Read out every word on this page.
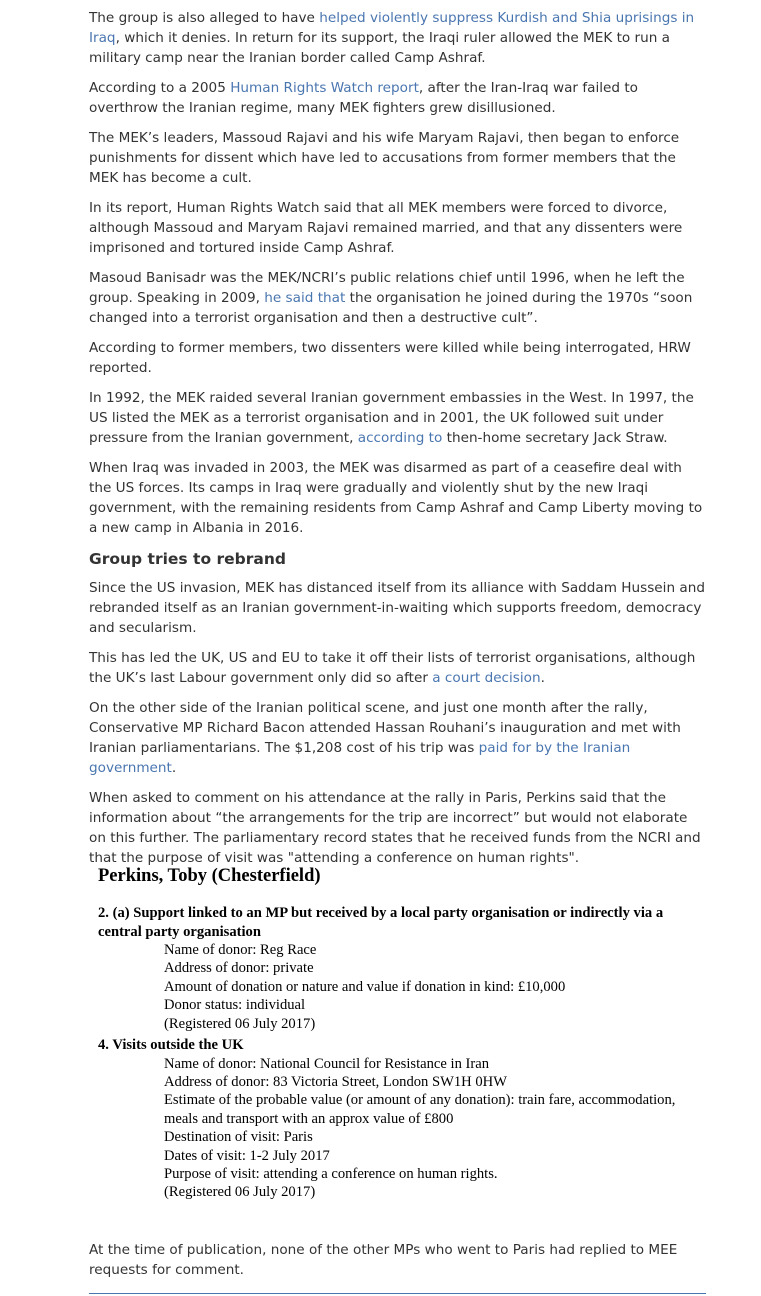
The group is also alleged to have helped violently suppress Kurdish and Shia uprisings in Iraq, which it denies. In return for its support, the Iraqi ruler allowed the MEK to run a military camp near the Iranian border called Camp Ashraf.

According to a 2005 Human Rights Watch report, after the Iran-Iraq war failed to overthrow the Iranian regime, many MEK fighters grew disillusioned.

The MEK’s leaders, Massoud Rajavi and his wife Maryam Rajavi, then began to enforce punishments for dissent which have led to accusations from former members that the MEK has become a cult.

In its report, Human Rights Watch said that all MEK members were forced to divorce, although Massoud and Maryam Rajavi remained married, and that any dissenters were imprisoned and tortured inside Camp Ashraf.

Masoud Banisadr was the MEK/NCRI’s public relations chief until 1996, when he left the group. Speaking in 2009, he said that the organisation he joined during the 1970s “soon changed into a terrorist organisation and then a destructive cult”.

According to former members, two dissenters were killed while being interrogated, HRW reported.

In 1992, the MEK raided several Iranian government embassies in the West. In 1997, the US listed the MEK as a terrorist organisation and in 2001, the UK followed suit under pressure from the Iranian government, according to then-home secretary Jack Straw.

When Iraq was invaded in 2003, the MEK was disarmed as part of a ceasefire deal with the US forces. Its camps in Iraq were gradually and violently shut by the new Iraqi government, with the remaining residents from Camp Ashraf and Camp Liberty moving to a new camp in Albania in 2016.

Group tries to rebrand

Since the US invasion, MEK has distanced itself from its alliance with Saddam Hussein and rebranded itself as an Iranian government-in-waiting which supports freedom, democracy and secularism.

This has led the UK, US and EU to take it off their lists of terrorist organisations, although the UK’s last Labour government only did so after a court decision.

On the other side of the Iranian political scene, and just one month after the rally, Conservative MP Richard Bacon attended Hassan Rouhani’s inauguration and met with Iranian parliamentarians. The $1,208 cost of his trip was paid for by the Iranian government.

When asked to comment on his attendance at the rally in Paris, Perkins said that the information about “the arrangements for the trip are incorrect” but would not elaborate on this further. The parliamentary record states that he received funds from the NCRI and that the purpose of visit was "attending a conference on human rights".

Perkins, Toby (Chesterfield)
2. (a) Support linked to an MP but received by a local party organisation or indirectly via a central party organisation
Name of donor: Reg Race
Address of donor: private
Amount of donation or nature and value if donation in kind: £10,000
Donor status: individual
(Registered 06 July 2017)
4. Visits outside the UK
Name of donor: National Council for Resistance in Iran
Address of donor: 83 Victoria Street, London SW1H 0HW
Estimate of the probable value (or amount of any donation): train fare, accommodation, meals and transport with an approx value of £800
Destination of visit: Paris
Dates of visit: 1-2 July 2017
Purpose of visit: attending a conference on human rights.
(Registered 06 July 2017)

At the time of publication, none of the other MPs who went to Paris had replied to MEE requests for comment.
